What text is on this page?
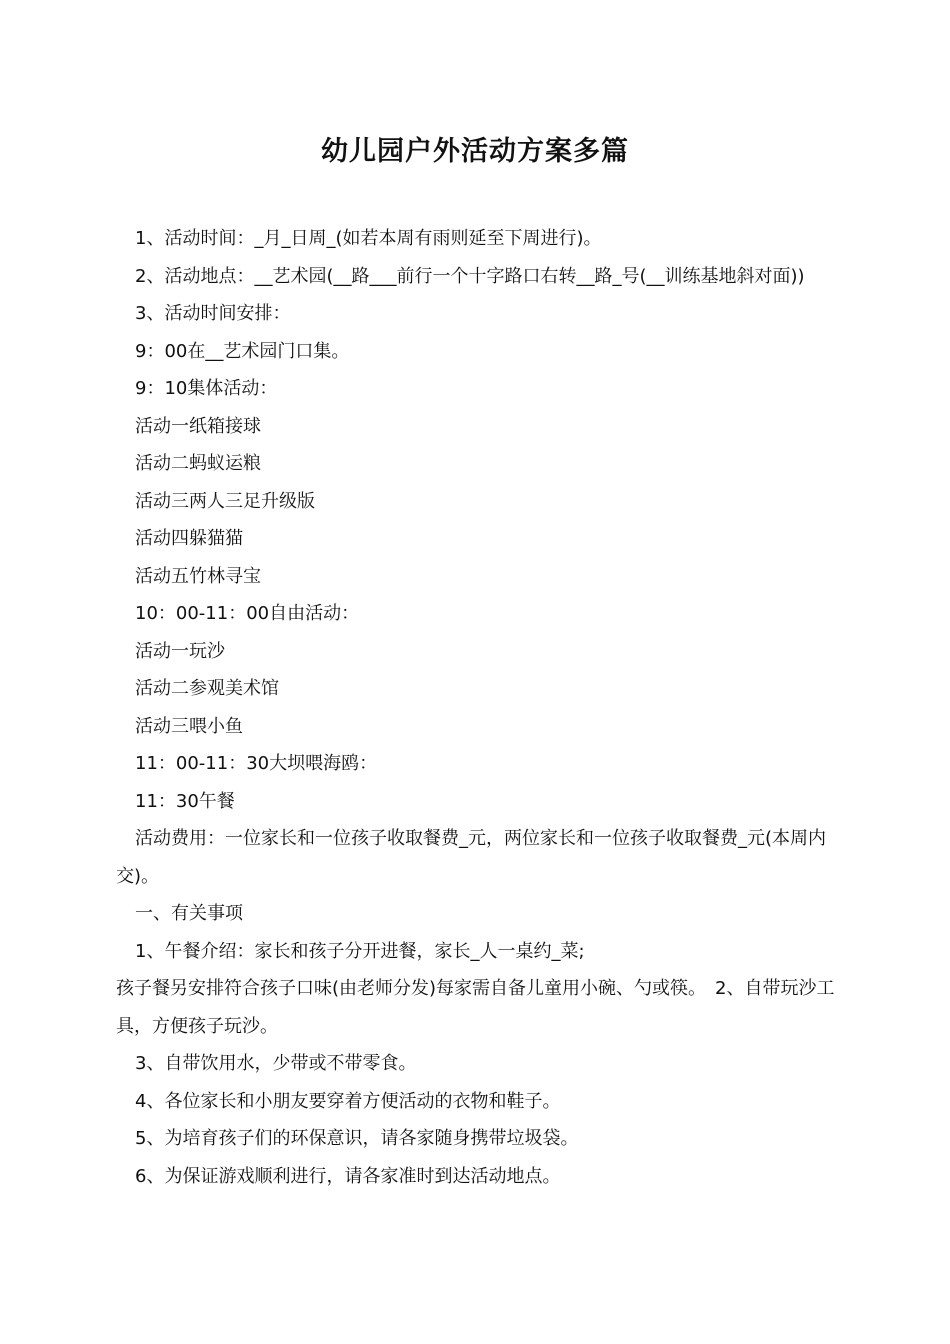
幼儿园户外活动方案多篇

1、活动时间：_月_日周_(如若本周有雨则延至下周进行)。

2、活动地点：__艺术园(__路___前行一个十字路口右转__路_号(__训练基地斜对面))

3、活动时间安排：

9：00在__艺术园门口集。

9：10集体活动：

活动一纸箱接球

活动二蚂蚁运粮

活动三两人三足升级版

活动四躲猫猫

活动五竹林寻宝

10：00-11：00自由活动：

活动一玩沙

活动二参观美术馆

活动三喂小鱼

11：00-11：30大坝喂海鸥：

11：30午餐

活动费用：一位家长和一位孩子收取餐费_元，两位家长和一位孩子收取餐费_元(本周内交)。

一、有关事项

1、午餐介绍：家长和孩子分开进餐，家长_人一桌约_菜;

孩子餐另安排符合孩子口味(由老师分发)每家需自备儿童用小碗、勺或筷。　2、自带玩沙工具，方便孩子玩沙。

3、自带饮用水，少带或不带零食。

4、各位家长和小朋友要穿着方便活动的衣物和鞋子。

5、为培育孩子们的环保意识，请各家随身携带垃圾袋。

6、为保证游戏顺利进行，请各家准时到达活动地点。
